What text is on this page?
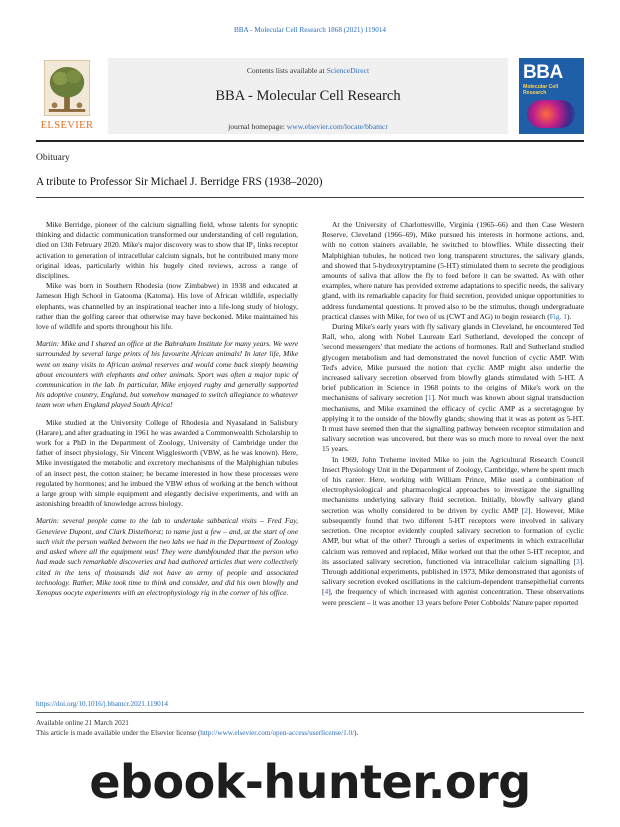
BBA - Molecular Cell Research 1868 (2021) 119014
ELSEVIER
Contents lists available at ScienceDirect
BBA - Molecular Cell Research
journal homepage: www.elsevier.com/locate/bbamcr
BBA
Molecular Cell
Research
Obituary
A tribute to Professor Sir Michael J. Berridge FRS (1938–2020)

Mike Berridge, pioneer of the calcium signalling field, whose talents for synoptic thinking and didactic communication transformed our understanding of cell regulation, died on 13th February 2020. Mike's major discovery was to show that IP₃ links receptor activation to generation of intracellular calcium signals, but he contributed many more original ideas, particularly within his hugely cited reviews, across a range of disciplines.

Mike was born in Southern Rhodesia (now Zimbabwe) in 1938 and educated at Jameson High School in Gatooma (Katoma). His love of African wildlife, especially elephants, was channelled by an inspirational teacher into a life-long study of biology, rather than the golfing career that otherwise may have beckoned. Mike maintained his love of wildlife and sports throughout his life.

Martin: Mike and I shared an office at the Babraham Institute for many years. We were surrounded by several large prints of his favourite African animals! In later life, Mike went on many visits to African animal reserves and would come back simply beaming about encounters with elephants and other animals. Sport was often a major topic of communication in the lab. In particular, Mike enjoyed rugby and generally supported his adoptive country, England, but somehow managed to switch allegiance to whatever team won when England played South Africa!

Mike studied at the University College of Rhodesia and Nyasaland in Salisbury (Harare), and after graduating in 1961 he was awarded a Commonwealth Scholarship to work for a PhD in the Department of Zoology, University of Cambridge under the father of insect physiology, Sir Vincent Wigglesworth (VBW, as he was known). Here, Mike investigated the metabolic and excretory mechanisms of the Malphighian tubules of an insect pest, the cotton stainer; he became interested in how these processes were regulated by hormones; and he imbued the VBW ethos of working at the bench without a large group with simple equipment and elegantly decisive experiments, and with an astonishing breadth of knowledge across biology.

Martin: several people came to the lab to undertake sabbatical visits – Fred Fay, Genevieve Dupont, and Clark Distelhorst; to name just a few – and, at the start of one such visit the person walked between the two labs we had in the Department of Zoology and asked where all the equipment was! They were dumbfounded that the person who had made such remarkable discoveries and had authored articles that were collectively cited in the tens of thousands did not have an army of people and associated technology. Rather, Mike took time to think and consider, and did his own blowfly and Xenopus oocyte experiments with an electrophysiology rig in the corner of his office.

At the University of Charlottesville, Virginia (1965–66) and then Case Western Reserve, Cleveland (1966–69), Mike pursued his interests in hormone actions, and, with no cotton stainers available, he switched to blowflies. While dissecting their Malphighian tubules, he noticed two long transparent structures, the salivary glands, and showed that 5-hydroxytryptamine (5-HT) stimulated them to secrete the prodigious amounts of saliva that allow the fly to feed before it can be swatted. As with other examples, where nature has provided extreme adaptations to specific needs, the salivary gland, with its remarkable capacity for fluid secretion, provided unique opportunities to address fundamental questions. It proved also to be the stimulus, though undergraduate practical classes with Mike, for two of us (CWT and AG) to begin research (Fig. 1).

During Mike's early years with fly salivary glands in Cleveland, he encountered Ted Rall, who, along with Nobel Laureate Earl Sutherland, developed the concept of 'second messengers' that mediate the actions of hormones. Rall and Sutherland studied glycogen metabolism and had demonstrated the novel function of cyclic AMP. With Ted's advice, Mike pursued the notion that cyclic AMP might also underlie the increased salivary secretion observed from blowfly glands stimulated with 5-HT. A brief publication in Science in 1968 points to the origins of Mike's work on the mechanisms of salivary secretion [1]. Not much was known about signal transduction mechanisms, and Mike examined the efficacy of cyclic AMP as a secretagogue by applying it to the outside of the blowfly glands; showing that it was as potent as 5-HT. It must have seemed then that the signalling pathway between receptor stimulation and salivary secretion was uncovered, but there was so much more to reveal over the next 15 years.

In 1969, John Treherne invited Mike to join the Agricultural Research Council Insect Physiology Unit in the Department of Zoology, Cambridge, where he spent much of his career. Here, working with William Prince, Mike used a combination of electrophysiological and pharmacological approaches to investigate the signalling mechanisms underlying salivary fluid secretion. Initially, blowfly salivary gland secretion was wholly considered to be driven by cyclic AMP [2]. However, Mike subsequently found that two different 5-HT receptors were involved in salivary secretion. One receptor evidently coupled salivary secretion to formation of cyclic AMP, but what of the other? Through a series of experiments in which extracellular calcium was removed and replaced, Mike worked out that the other 5-HT receptor, and its associated salivary secretion, functioned via intracellular calcium signalling [3]. Through additional experiments, published in 1973, Mike demonstrated that agonists of salivary secretion evoked oscillations in the calcium-dependent transepithelial currents [4], the frequency of which increased with agonist concentration. These observations were prescient – it was another 13 years before Peter Cobbolds' Nature paper reported

https://doi.org/10.1016/j.bbamcr.2021.119014
Available online 21 March 2021
This article is made available under the Elsevier license (http://www.elsevier.com/open-access/userlicense/1.0/).
ebook-hunter.org
